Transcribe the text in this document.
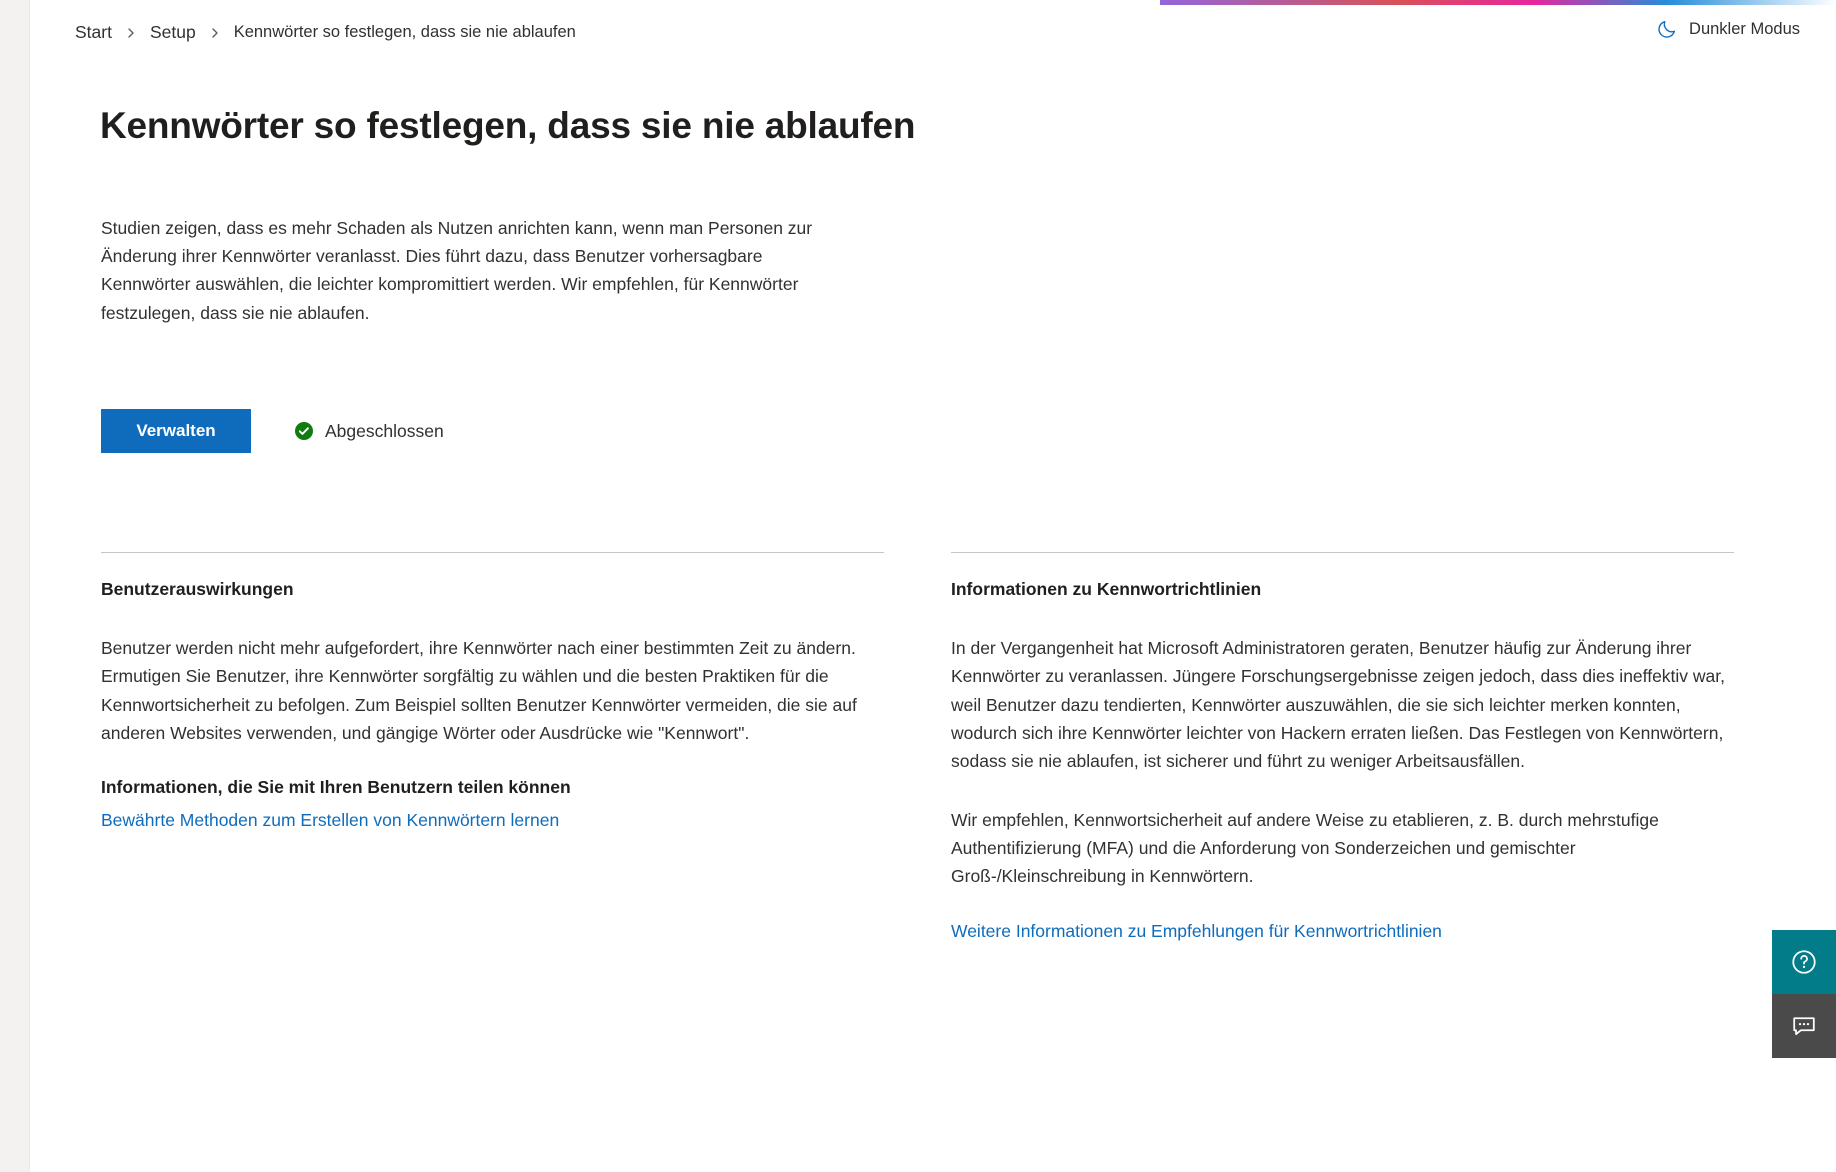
Start Setup Kennwörter so festlegen, dass sie nie ablaufen	Dunkler Modus
Kennwörter so festlegen, dass sie nie ablaufen

Studien zeigen, dass es mehr Schaden als Nutzen anrichten kann, wenn man Personen zur Änderung ihrer Kennwörter veranlasst. Dies führt dazu, dass Benutzer vorhersagbare Kennwörter auswählen, die leichter kompromittiert werden. Wir empfehlen, für Kennwörter festzulegen, dass sie nie ablaufen.

Verwalten	Abgeschlossen
Benutzerauswirkungen

Benutzer werden nicht mehr aufgefordert, ihre Kennwörter nach einer bestimmten Zeit zu ändern. Ermutigen Sie Benutzer, ihre Kennwörter sorgfältig zu wählen und die besten Praktiken für die Kennwortsicherheit zu befolgen. Zum Beispiel sollten Benutzer Kennwörter vermeiden, die sie auf anderen Websites verwenden, und gängige Wörter oder Ausdrücke wie "Kennwort".

Informationen, die Sie mit Ihren Benutzern teilen können
Bewährte Methoden zum Erstellen von Kennwörtern lernen
Informationen zu Kennwortrichtlinien

In der Vergangenheit hat Microsoft Administratoren geraten, Benutzer häufig zur Änderung ihrer Kennwörter zu veranlassen. Jüngere Forschungsergebnisse zeigen jedoch, dass dies ineffektiv war, weil Benutzer dazu tendierten, Kennwörter auszuwählen, die sie sich leichter merken konnten, wodurch sich ihre Kennwörter leichter von Hackern erraten ließen. Das Festlegen von Kennwörtern, sodass sie nie ablaufen, ist sicherer und führt zu weniger Arbeitsausfällen.

Wir empfehlen, Kennwortsicherheit auf andere Weise zu etablieren, z. B. durch mehrstufige Authentifizierung (MFA) und die Anforderung von Sonderzeichen und gemischter Groß-/Kleinschreibung in Kennwörtern.

Weitere Informationen zu Empfehlungen für Kennwortrichtlinien
